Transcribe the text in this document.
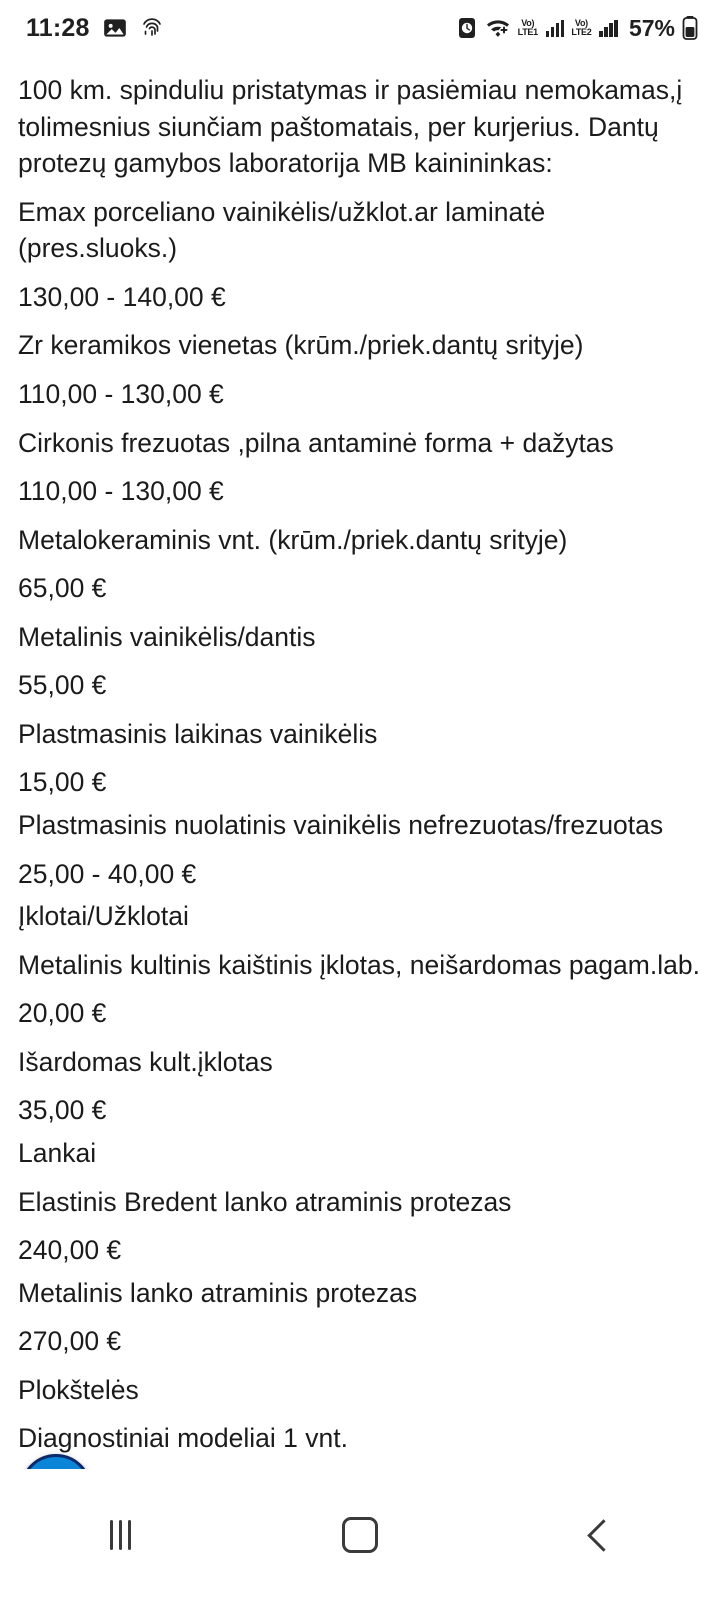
11:28	Vo)
LTE1
Vo)
LTE2 57%
100 km. spinduliu pristatymas ir pasiėmiau nemokamas,į tolimesnius siunčiam paštomatais, per kurjerius. Dantų protezų gamybos laboratorija MB kainininkas:
Emax porceliano vainikėlis/užklot.ar laminatė (pres.sluoks.)
130,00 - 140,00 €
Zr keramikos vienetas (krūm./priek.dantų srityje)
110,00 - 130,00 €
Cirkonis frezuotas ,pilna antaminė forma + dažytas
110,00 - 130,00 €
Metalokeraminis vnt. (krūm./priek.dantų srityje)
65,00 €
Metalinis vainikėlis/dantis
55,00 €
Plastmasinis laikinas vainikėlis
15,00 €
Plastmasinis nuolatinis vainikėlis nefrezuotas/frezuotas
25,00 - 40,00 €
Įklotai/Užklotai
Metalinis kultinis kaištinis įklotas, neišardomas pagam.lab.
20,00 €
Išardomas kult.įklotas
35,00 €
Lankai
Elastinis Bredent lanko atraminis protezas
240,00 €
Metalinis lanko atraminis protezas
270,00 €
Plokštelės
Diagnostiniai modeliai 1 vnt.
